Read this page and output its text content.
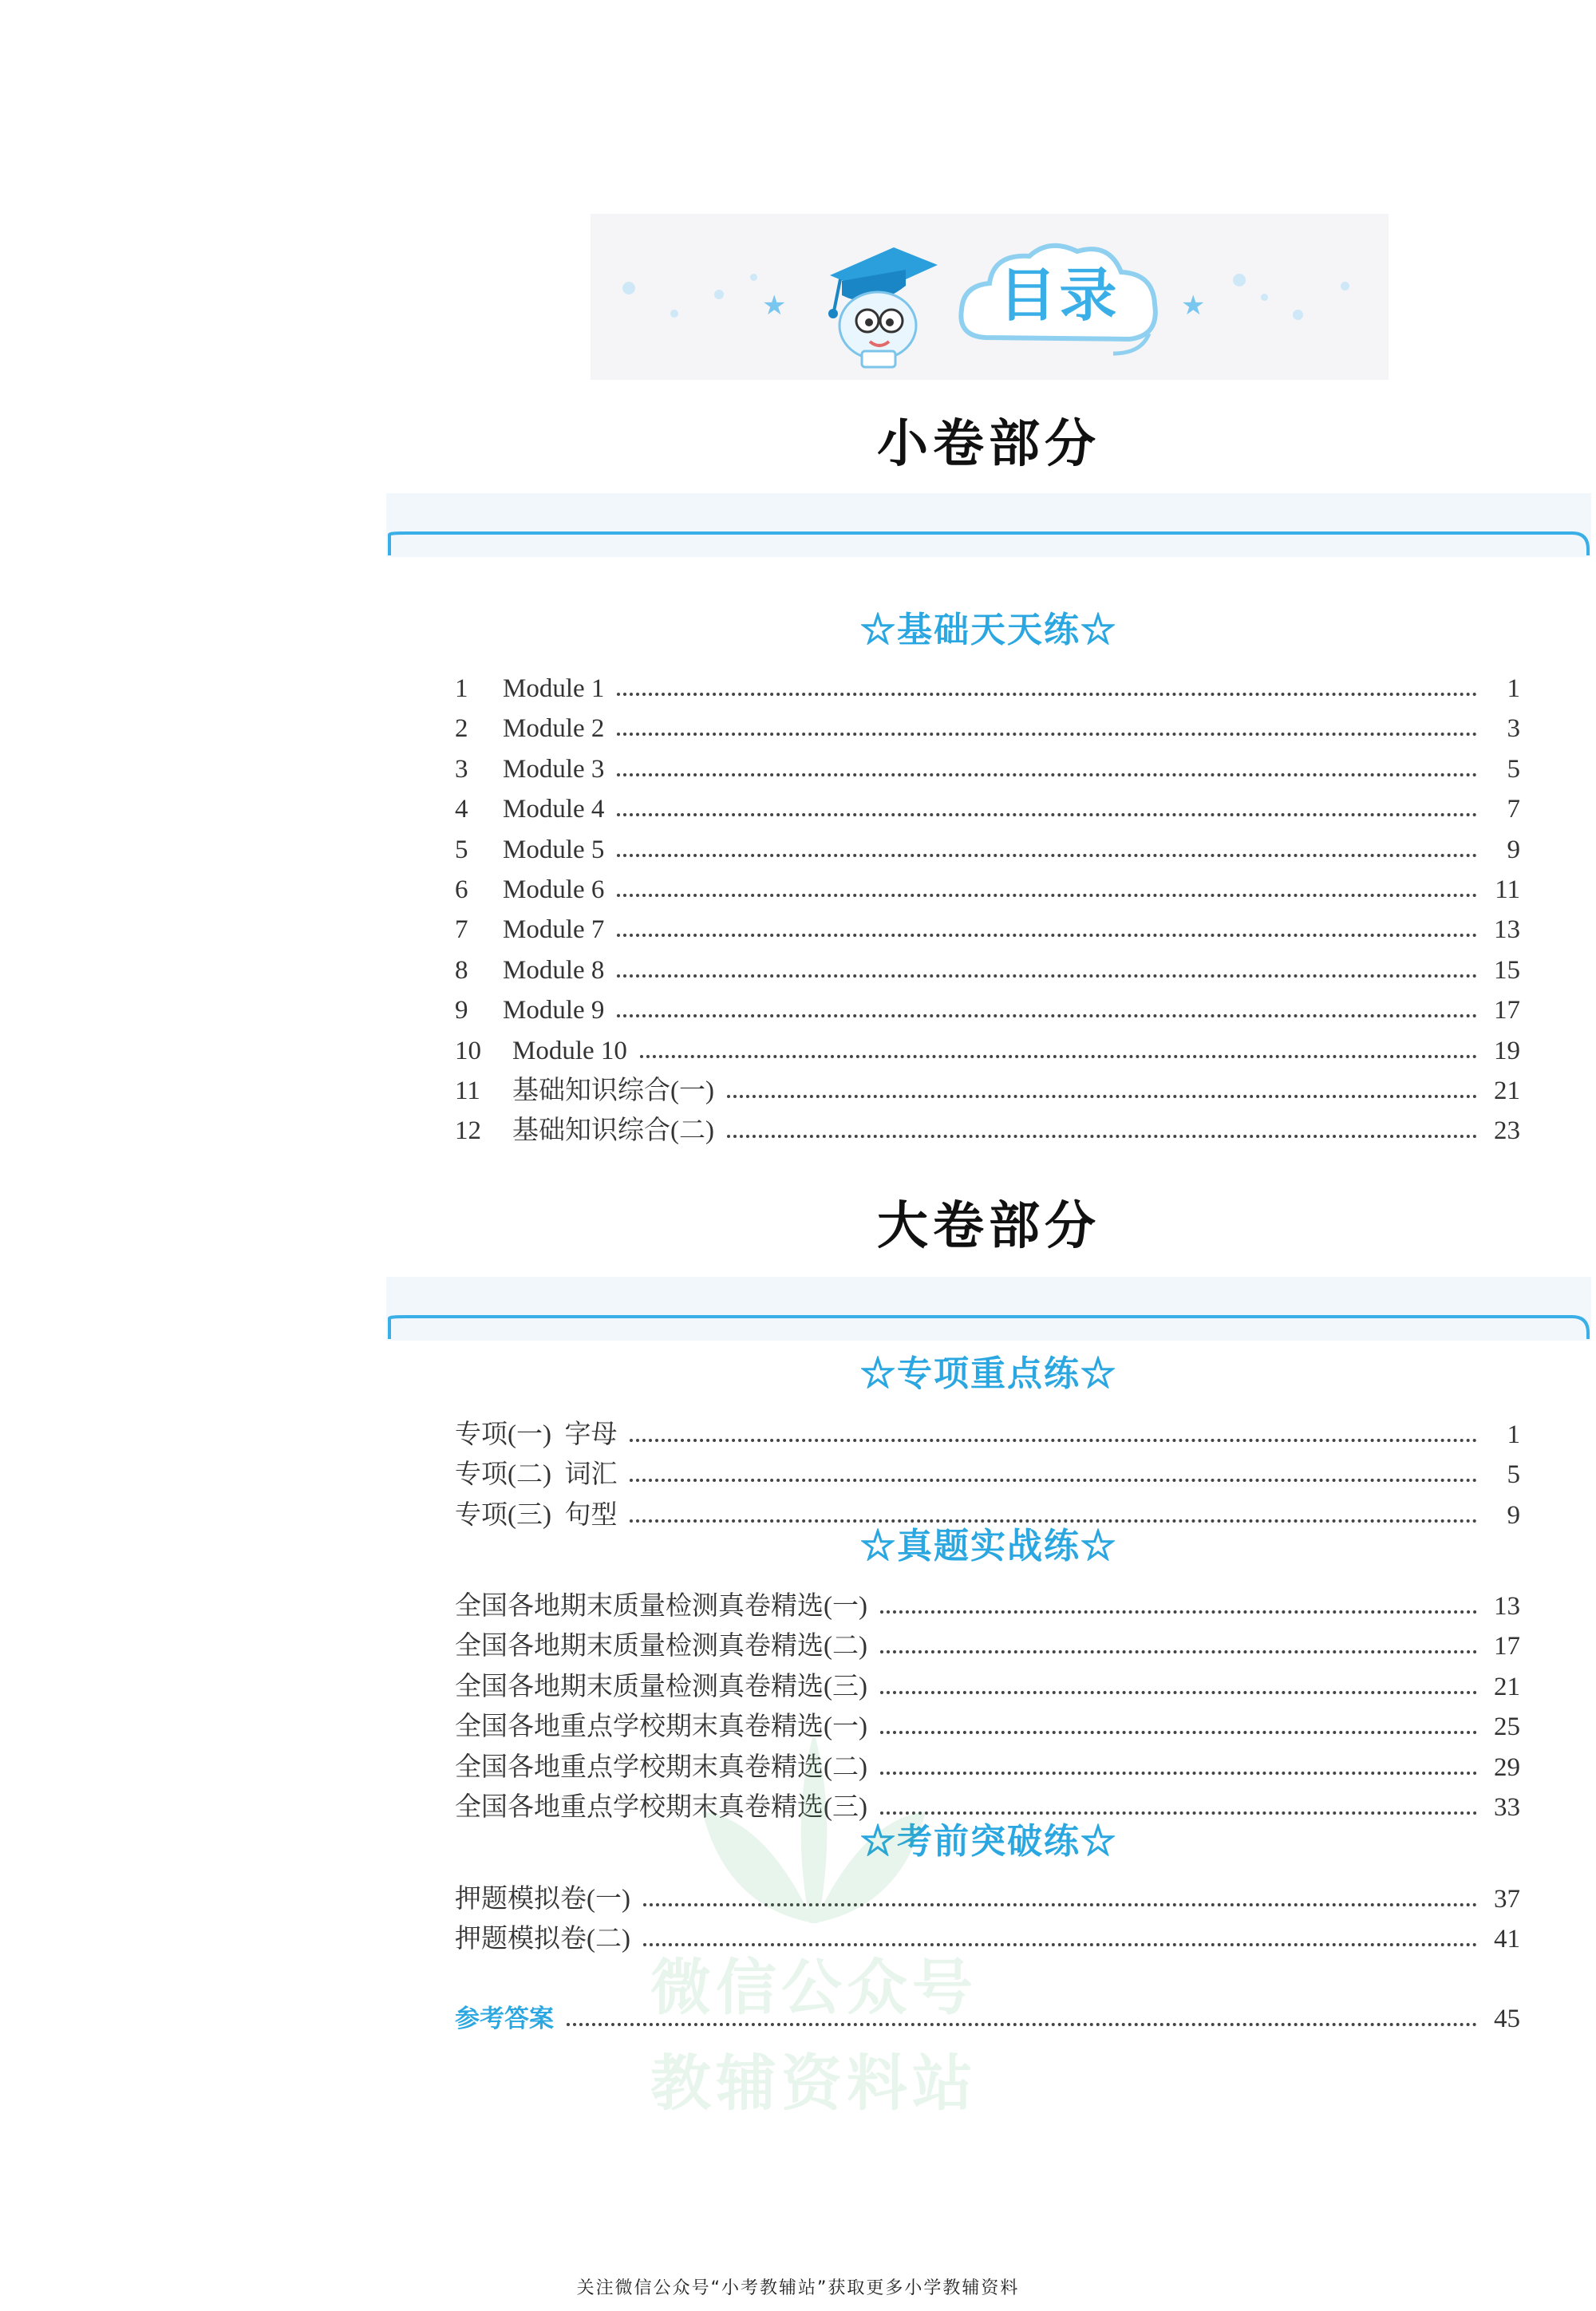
★	★
目录
小卷部分
☆基础天天练☆
1	Module 1	1
2	Module 2	3
3	Module 3	5
4	Module 4	7
5	Module 5	9
6	Module 6	11
7	Module 7	13
8	Module 8	15
9	Module 9	17
10	Module 10	19
11	基础知识综合(一)	21
12	基础知识综合(二)	23
大卷部分
☆专项重点练☆
☆真题实战练☆
☆考前突破练☆
专项(一)  字母	1
专项(二)  词汇	5
专项(三)  句型	9
全国各地期末质量检测真卷精选(一)	13
全国各地期末质量检测真卷精选(二)	17
全国各地期末质量检测真卷精选(三)	21
全国各地重点学校期末真卷精选(一)	25
全国各地重点学校期末真卷精选(二)	29
全国各地重点学校期末真卷精选(三)	33
押题模拟卷(一)	37
押题模拟卷(二)	41
参考答案	45
微信公众号
教辅资料站
关注微信公众号“小考教辅站”获取更多小学教辅资料
